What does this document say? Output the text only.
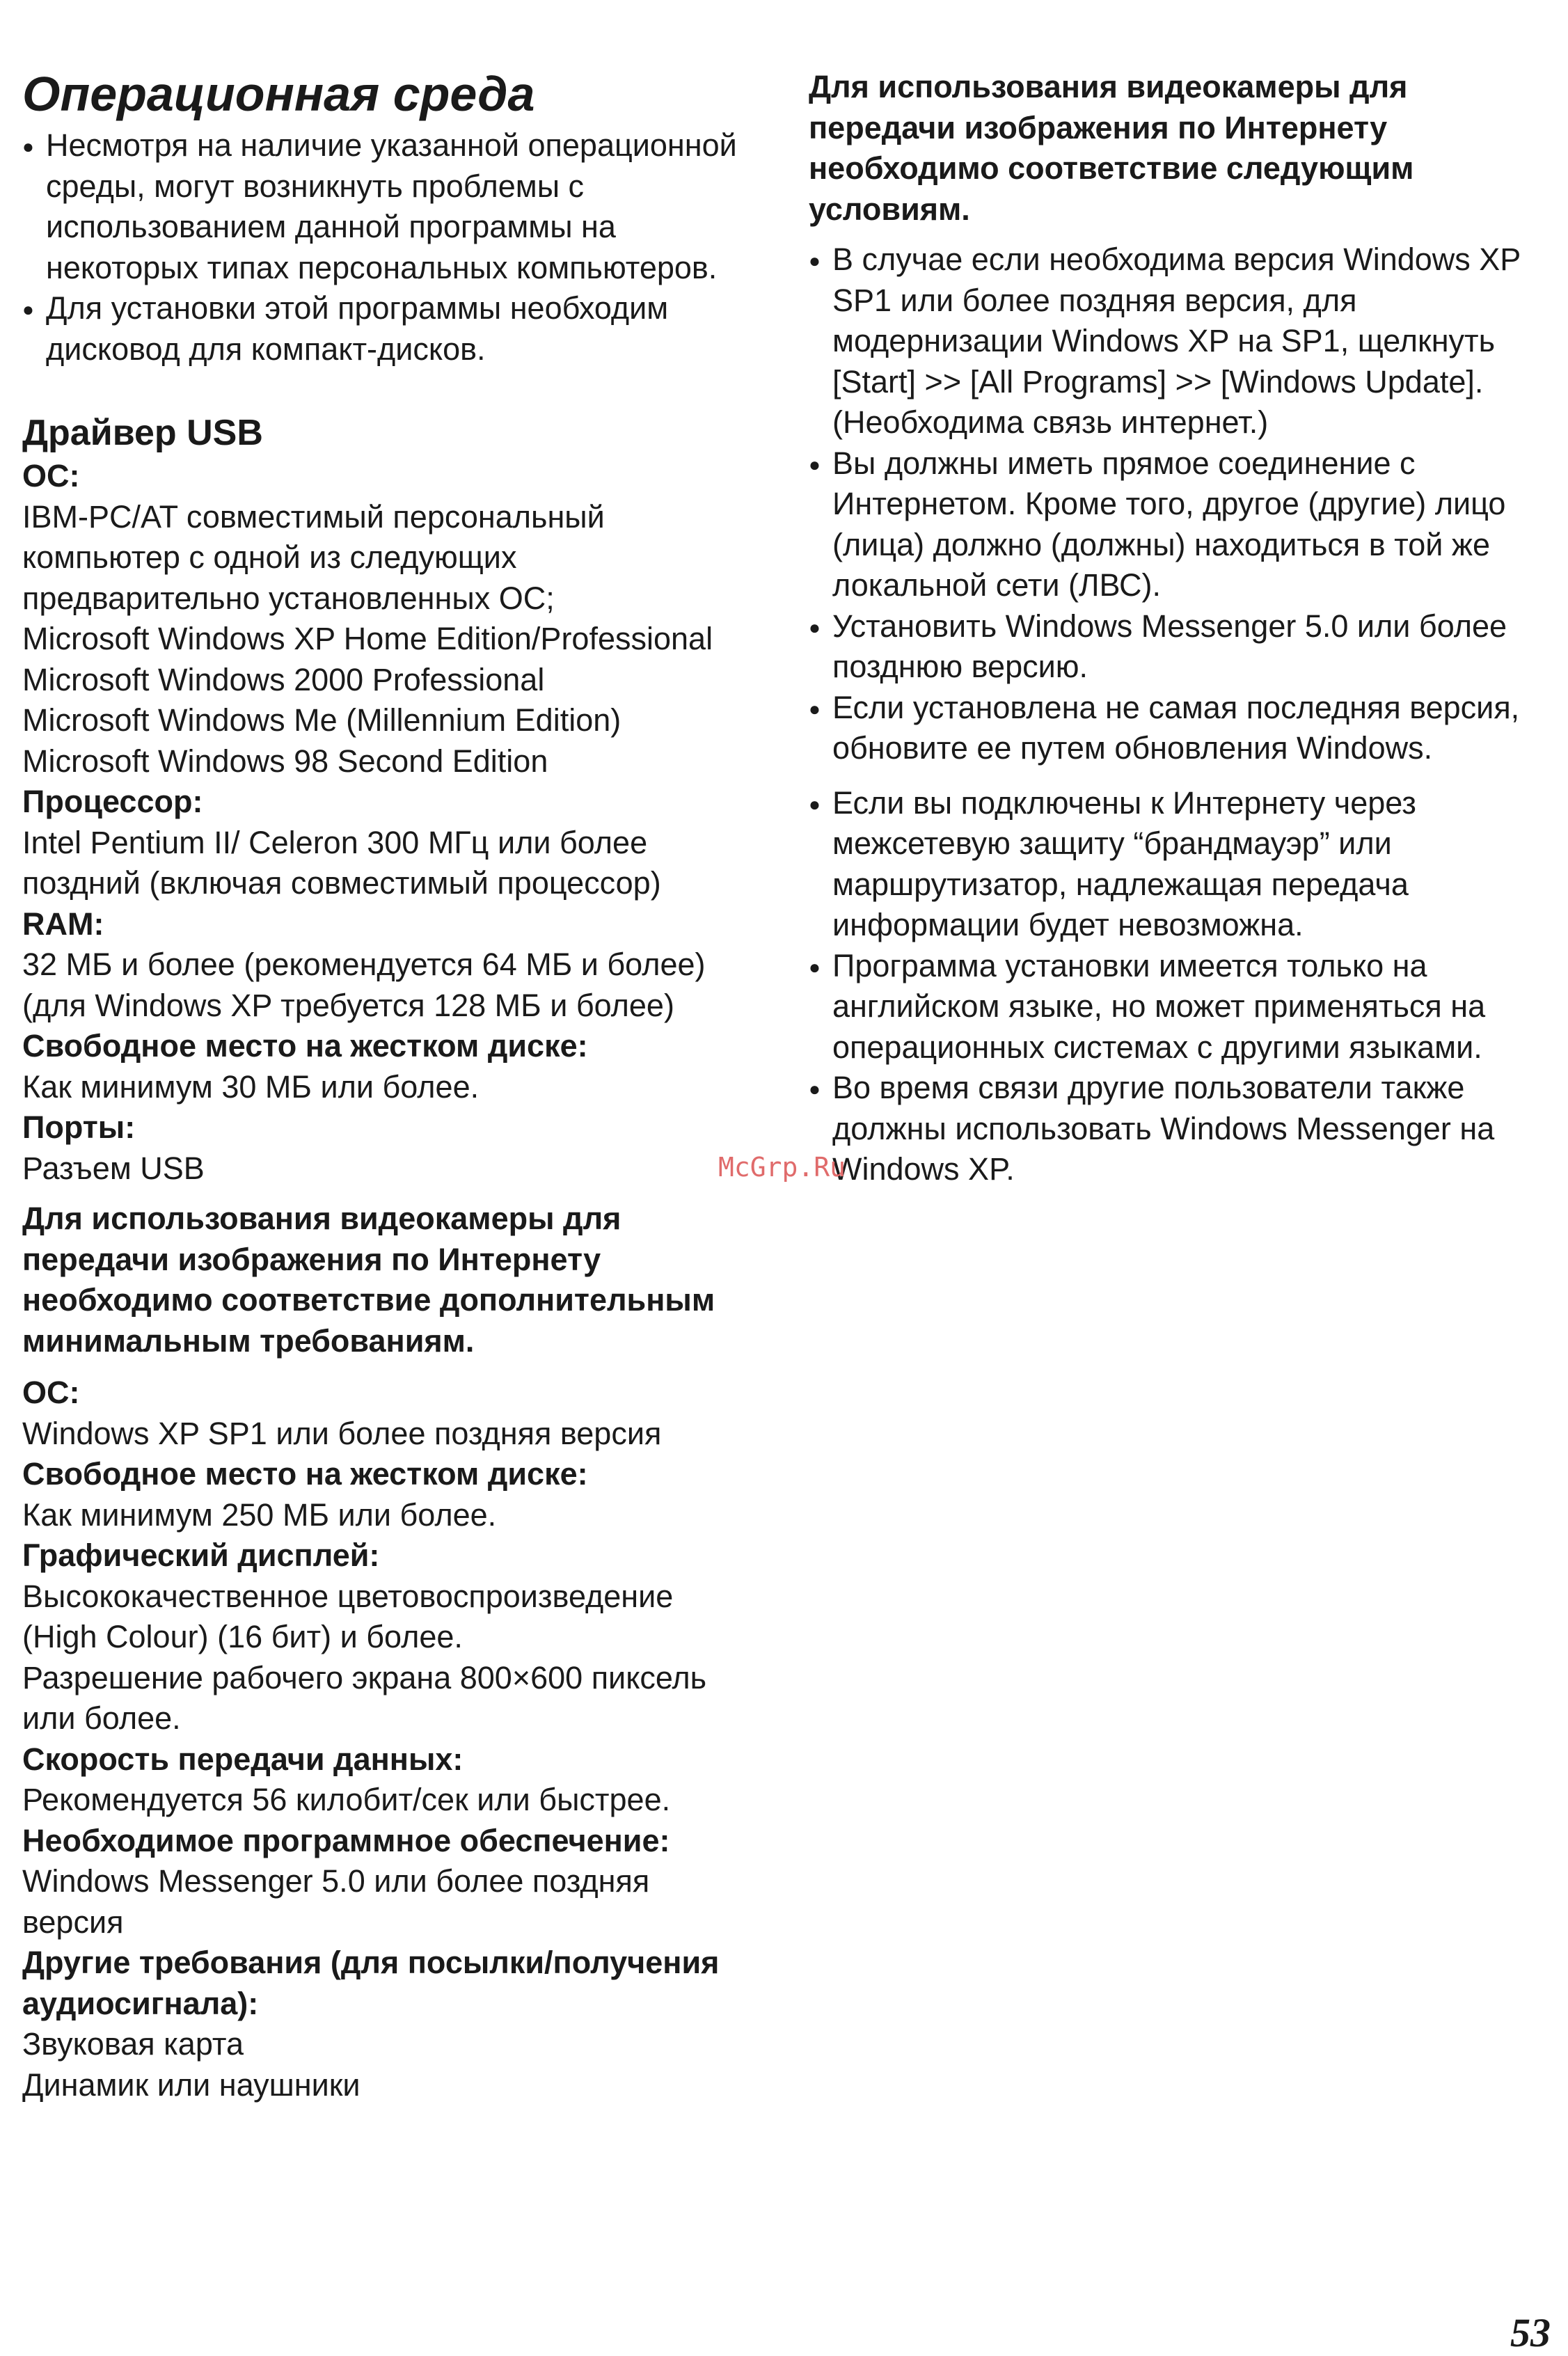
Операционная среда
● Несмотря на наличие указанной операционной

среды, могут возникнуть проблемы с

использованием данной программы на

некоторых типах персональных компьютеров.

● Для установки этой программы необходим

дисковод для компакт-дисков.

Драйвер USB

ОС:

IBM-PC/AT совместимый персональный

компьютер с одной из следующих

предварительно установленных ОС;

Microsoft Windows XP Home Edition/Professional

Microsoft Windows 2000 Professional

Microsoft Windows Me (Millennium Edition)

Microsoft Windows 98 Second Edition

Процессор:

Intel Pentium II/ Celeron 300 МГц или более

поздний (включая совместимый процессор)

RAM:

32 МБ и более (рекомендуется 64 МБ и более)

(для Windows XP требуется 128 МБ и более)

Свободное место на жестком диске:

Как минимум 30 МБ или более.

Порты:

Разъем USB

Для использования видеокамеры для

передачи изображения по Интернету

необходимо соответствие дополнительным

минимальным требованиям.

ОС:

Windows XP SP1 или более поздняя версия

Свободное место на жестком диске:

Как минимум 250 МБ или более.

Графический дисплей:

Высококачественное цветовоспроизведение

(High Colour) (16 бит) и более.

Разрешение рабочего экрана 800×600 пиксель

или более.

Скорость передачи данных:

Рекомендуется 56 килобит/сек или быстрее.

Необходимое программное обеспечение:

Windows Messenger 5.0 или более поздняя

версия

Другие требования (для посылки/получения

аудиосигнала):

Звуковая карта

Динамик или наушники

Для использования видеокамеры для

передачи изображения по Интернету

необходимо соответствие следующим

условиям.

● В случае если необходима версия Windows XP

SP1 или более поздняя версия, для

модернизации Windows XP на SP1, щелкнуть

[Start] >> [All Programs] >> [Windows Update].

(Необходима связь интернет.)

● Вы должны иметь прямое соединение с

Интернетом. Кроме того, другое (другие) лицо

(лица) должно (должны) находиться в той же

локальной сети (ЛВС).

● Установить Windows Messenger 5.0 или более

позднюю версию.

● Если установлена не самая последняя версия,

обновите ее путем обновления Windows.

● Если вы подключены к Интернету через

межсетевую защиту “брандмауэр” или

маршрутизатор, надлежащая передача

информации будет невозможна.

● Программа установки имеется только на

английском языке, но может применяться на

операционных системах с другими языками.

● Во время связи другие пользователи также

должны использовать Windows Messenger на

Windows XP.

McGrp.Ru
53
